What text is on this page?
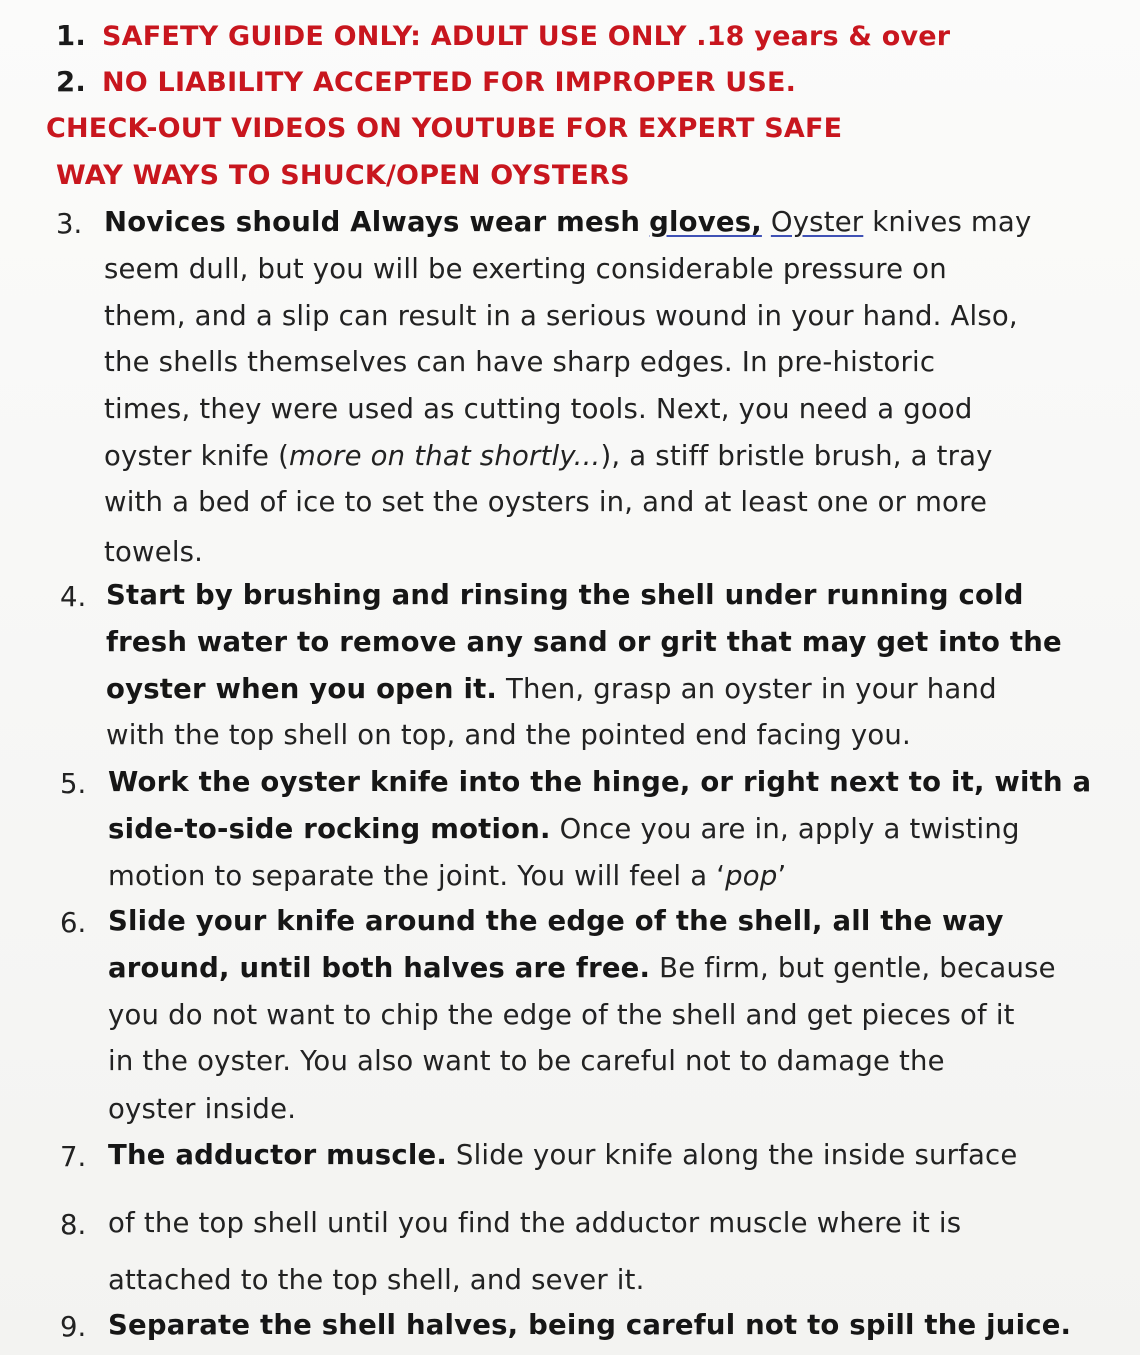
1. SAFETY GUIDE ONLY: ADULT USE ONLY .18 years & over
2. NO LIABILITY ACCEPTED FOR IMPROPER USE.
CHECK-OUT VIDEOS ON YOUTUBE FOR EXPERT SAFE
WAY WAYS TO SHUCK/OPEN OYSTERS
3. Novices should Always wear mesh gloves, Oyster knives may
seem dull, but you will be exerting considerable pressure on
them, and a slip can result in a serious wound in your hand. Also,
the shells themselves can have sharp edges. In pre-historic
times, they were used as cutting tools. Next, you need a good
oyster knife (more on that shortly...), a stiff bristle brush, a tray
with a bed of ice to set the oysters in, and at least one or more
towels.
4. Start by brushing and rinsing the shell under running cold
fresh water to remove any sand or grit that may get into the
oyster when you open it. Then, grasp an oyster in your hand
with the top shell on top, and the pointed end facing you.
5. Work the oyster knife into the hinge, or right next to it, with a
side-to-side rocking motion. Once you are in, apply a twisting
motion to separate the joint. You will feel a ‘pop’
6. Slide your knife around the edge of the shell, all the way
around, until both halves are free. Be firm, but gentle, because
you do not want to chip the edge of the shell and get pieces of it
in the oyster. You also want to be careful not to damage the
oyster inside.
7. The adductor muscle. Slide your knife along the inside surface
8. of the top shell until you find the adductor muscle where it is
attached to the top shell, and sever it.
9. Separate the shell halves, being careful not to spill the juice.
